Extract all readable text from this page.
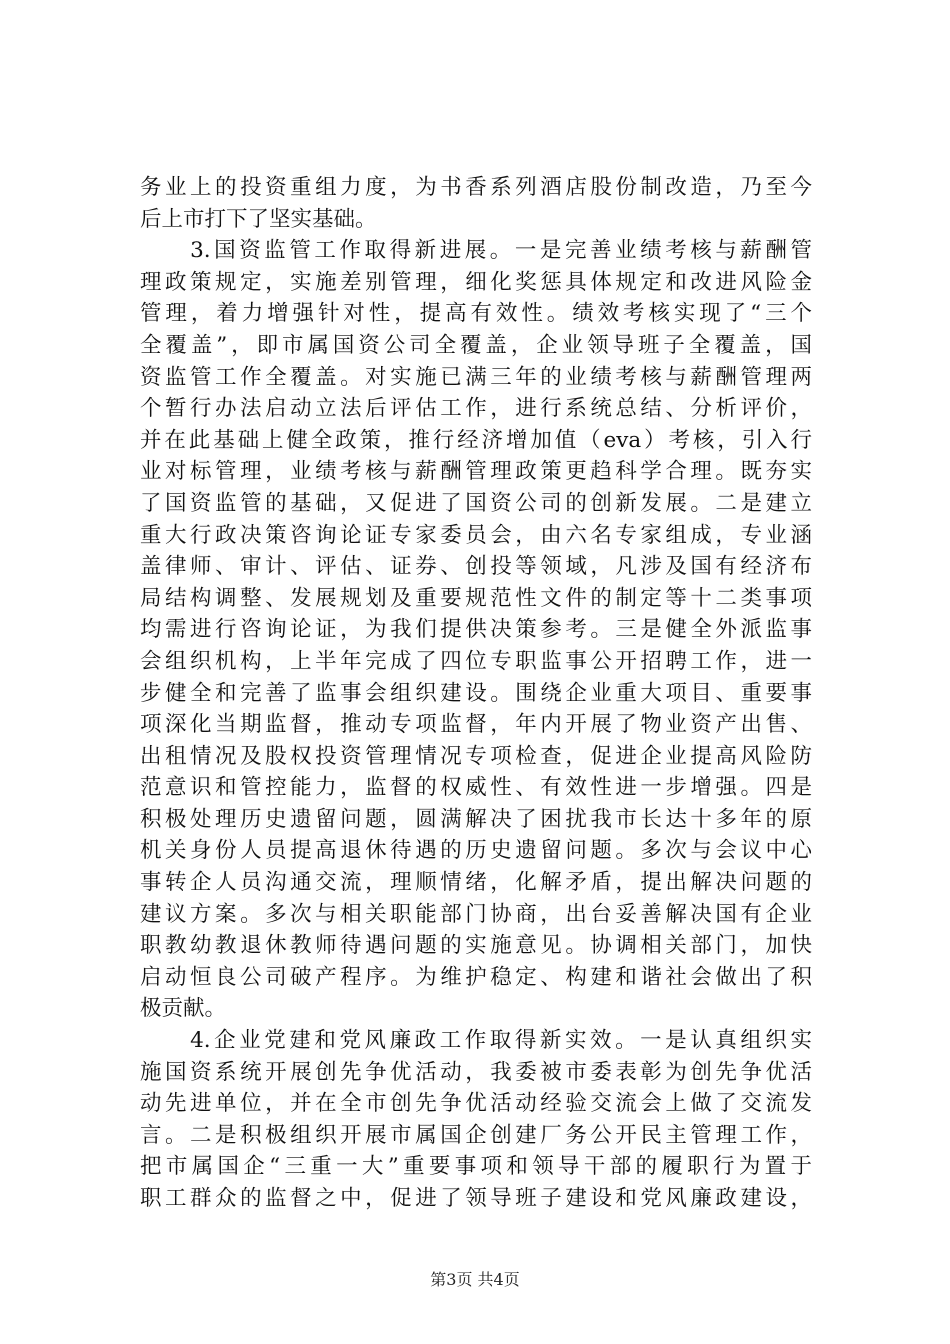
务业上的投资重组力度，为书香系列酒店股份制改造，乃至今
后上市打下了坚实基础。
　　3.国资监管工作取得新进展。一是完善业绩考核与薪酬管
理政策规定，实施差别管理，细化奖惩具体规定和改进风险金
管理，着力增强针对性，提高有效性。绩效考核实现了“三个
全覆盖”，即市属国资公司全覆盖，企业领导班子全覆盖，国
资监管工作全覆盖。对实施已满三年的业绩考核与薪酬管理两
个暂行办法启动立法后评估工作，进行系统总结、分析评价，
并在此基础上健全政策，推行经济增加值（eva）考核，引入行
业对标管理，业绩考核与薪酬管理政策更趋科学合理。既夯实
了国资监管的基础，又促进了国资公司的创新发展。二是建立
重大行政决策咨询论证专家委员会，由六名专家组成，专业涵
盖律师、审计、评估、证券、创投等领域，凡涉及国有经济布
局结构调整、发展规划及重要规范性文件的制定等十二类事项
均需进行咨询论证，为我们提供决策参考。三是健全外派监事
会组织机构，上半年完成了四位专职监事公开招聘工作，进一
步健全和完善了监事会组织建设。围绕企业重大项目、重要事
项深化当期监督，推动专项监督，年内开展了物业资产出售、
出租情况及股权投资管理情况专项检查，促进企业提高风险防
范意识和管控能力，监督的权威性、有效性进一步增强。四是
积极处理历史遗留问题，圆满解决了困扰我市长达十多年的原
机关身份人员提高退休待遇的历史遗留问题。多次与会议中心
事转企人员沟通交流，理顺情绪，化解矛盾，提出解决问题的
建议方案。多次与相关职能部门协商，出台妥善解决国有企业
职教幼教退休教师待遇问题的实施意见。协调相关部门，加快
启动恒良公司破产程序。为维护稳定、构建和谐社会做出了积
极贡献。
　　4.企业党建和党风廉政工作取得新实效。一是认真组织实
施国资系统开展创先争优活动，我委被市委表彰为创先争优活
动先进单位，并在全市创先争优活动经验交流会上做了交流发
言。二是积极组织开展市属国企创建厂务公开民主管理工作，
把市属国企“三重一大”重要事项和领导干部的履职行为置于
职工群众的监督之中，促进了领导班子建设和党风廉政建设，
第3页 共4页
